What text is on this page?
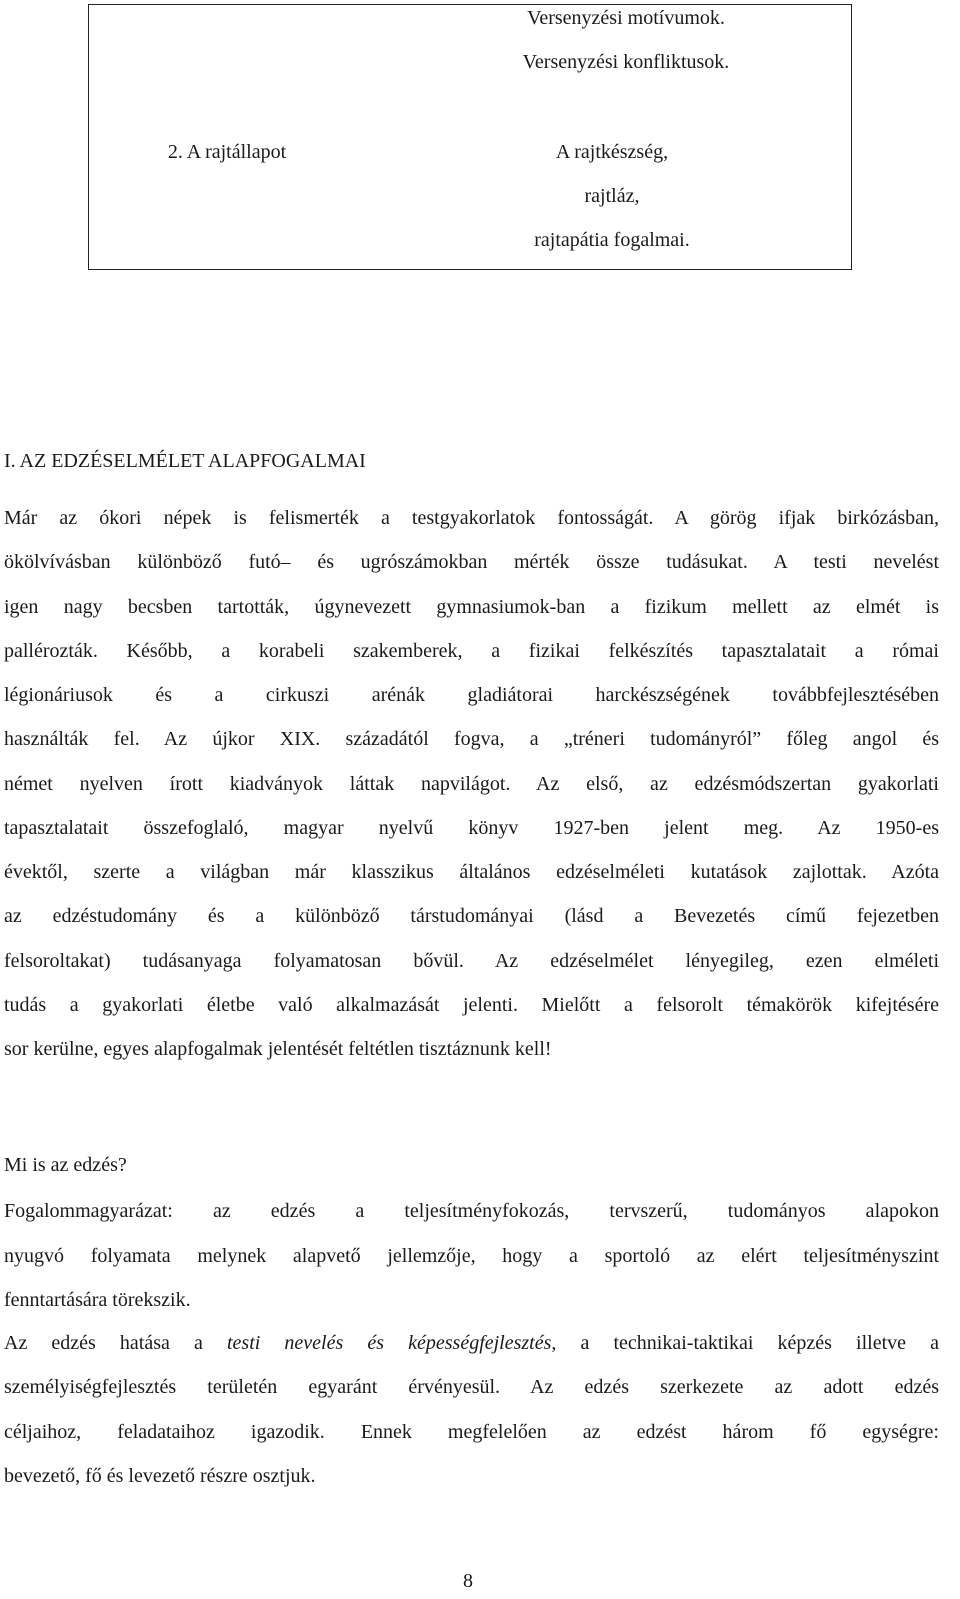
Versenyzési motívumok.
Versenyzési konfliktusok.
2. A rajtállapot	A rajtkészség,
rajtláz,
rajtapátia fogalmai.
I. AZ EDZÉSELMÉLET ALAPFOGALMAI
Már az ókori népek is felismerték a testgyakorlatok fontosságát. A görög ifjak birkózásban,
ökölvívásban különböző futó– és ugrószámokban mérték össze tudásukat. A testi nevelést
igen nagy becsben tartották, úgynevezett gymnasiumok-ban a fizikum mellett az elmét is
pallérozták. Később, a korabeli szakemberek, a fizikai felkészítés tapasztalatait a római
légionáriusok és a cirkuszi arénák gladiátorai harckészségének továbbfejlesztésében
használták fel. Az újkor XIX. századától fogva, a „tréneri tudományról” főleg angol és
német nyelven írott kiadványok láttak napvilágot. Az első, az edzésmódszertan gyakorlati
tapasztalatait összefoglaló, magyar nyelvű könyv 1927-ben jelent meg. Az 1950-es
évektől, szerte a világban már klasszikus általános edzéselméleti kutatások zajlottak. Azóta
az edzéstudomány és a különböző társtudományai (lásd a Bevezetés című fejezetben
felsoroltakat) tudásanyaga folyamatosan bővül. Az edzéselmélet lényegileg, ezen elméleti
tudás a gyakorlati életbe való alkalmazását jelenti. Mielőtt a felsorolt témakörök kifejtésére
sor kerülne, egyes alapfogalmak jelentését feltétlen tisztáznunk kell!
Mi is az edzés?
Fogalommagyarázat: az edzés a teljesítményfokozás, tervszerű, tudományos alapokon
nyugvó folyamata melynek alapvető jellemzője, hogy a sportoló az elért teljesítményszint
fenntartására törekszik.
Az edzés hatása a testi nevelés és képességfejlesztés, a technikai-taktikai képzés illetve a
személyiségfejlesztés területén egyaránt érvényesül. Az edzés szerkezete az adott edzés
céljaihoz, feladataihoz igazodik. Ennek megfelelően az edzést három fő egységre:
bevezető, fő és levezető részre osztjuk.
8
